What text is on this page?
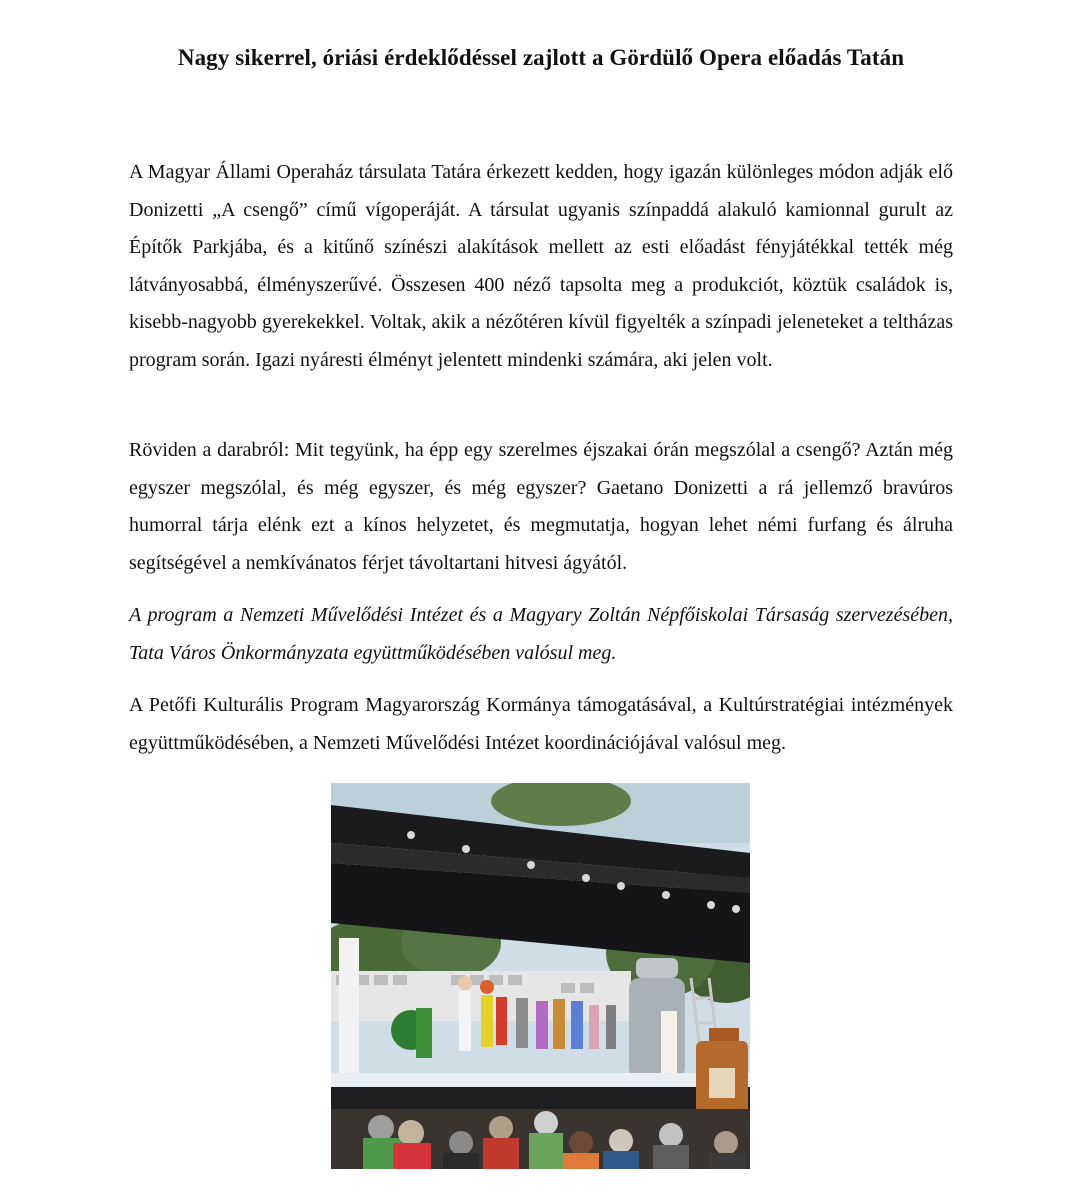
Nagy sikerrel, óriási érdeklődéssel zajlott a Gördülő Opera előadás Tatán

A Magyar Állami Operaház társulata Tatára érkezett kedden, hogy igazán különleges módon adják elő Donizetti „A csengő” című vígoperáját. A társulat ugyanis színpaddá alakuló kamionnal gurult az Építők Parkjába, és a kitűnő színészi alakítások mellett az esti előadást fényjátékkal tették még látványosabbá, élményszerűvé. Összesen 400 néző tapsolta meg a produkciót, köztük családok is, kisebb-nagyobb gyerekekkel. Voltak, akik a nézőtéren kívül figyelték a színpadi jeleneteket a teltházas program során. Igazi nyáresti élményt jelentett mindenki számára, aki jelen volt.

Röviden a darabról: Mit tegyünk, ha épp egy szerelmes éjszakai órán megszólal a csengő? Aztán még egyszer megszólal, és még egyszer, és még egyszer? Gaetano Donizetti a rá jellemző bravúros humorral tárja elénk ezt a kínos helyzetet, és megmutatja, hogyan lehet némi furfang és álruha segítségével a nemkívánatos férjet távoltartani hitvesi ágyától.

A program a Nemzeti Művelődési Intézet és a Magyary Zoltán Népfőiskolai Társaság szervezésében, Tata Város Önkormányzata együttműködésében valósul meg.

A Petőfi Kulturális Program Magyarország Kormánya támogatásával, a Kultúrstratégiai intézmények együttműködésében, a Nemzeti Művelődési Intézet koordinációjával valósul meg.
